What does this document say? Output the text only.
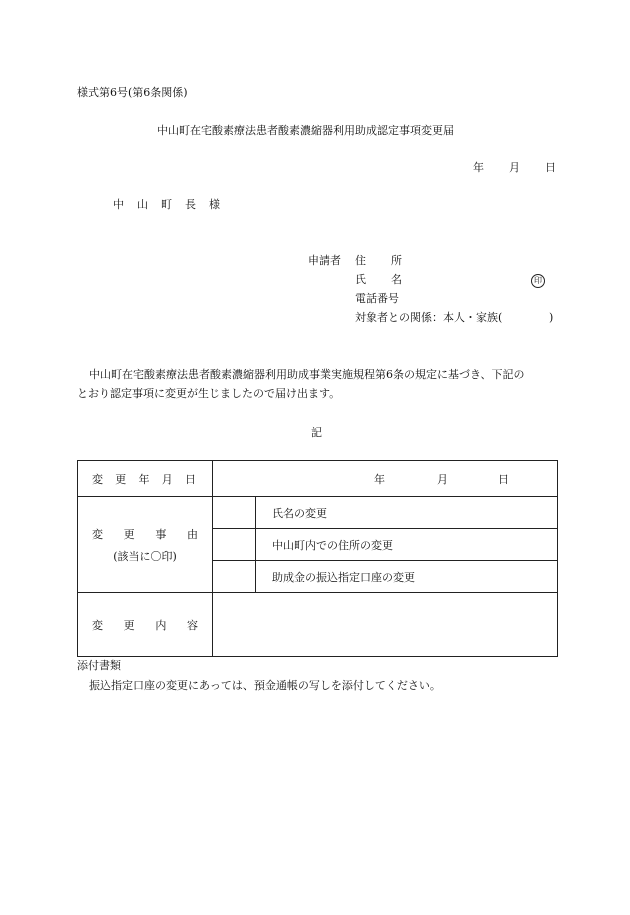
様式第6号(第6条関係)
中山町在宅酸素療法患者酸素濃縮器利用助成認定事項変更届
年 月 日
中 山 町 長 様
申請者 住 所
氏 名	印
電話番号
対象者との関係：本人・家族(	)
中山町在宅酸素療法患者酸素濃縮器利用助成事業実施規程第6条の規定に基づき、下記の
とおり認定事項に変更が生じましたので届け出ます。
記
変 更 年 月 日	年 月 日	

変 更 事 由
(該当に〇印)		氏名の変更
		中山町内での住所の変更
		助成金の振込指定口座の変更

変 更 内 容		

添付書類
振込指定口座の変更にあっては、預金通帳の写しを添付してください。
